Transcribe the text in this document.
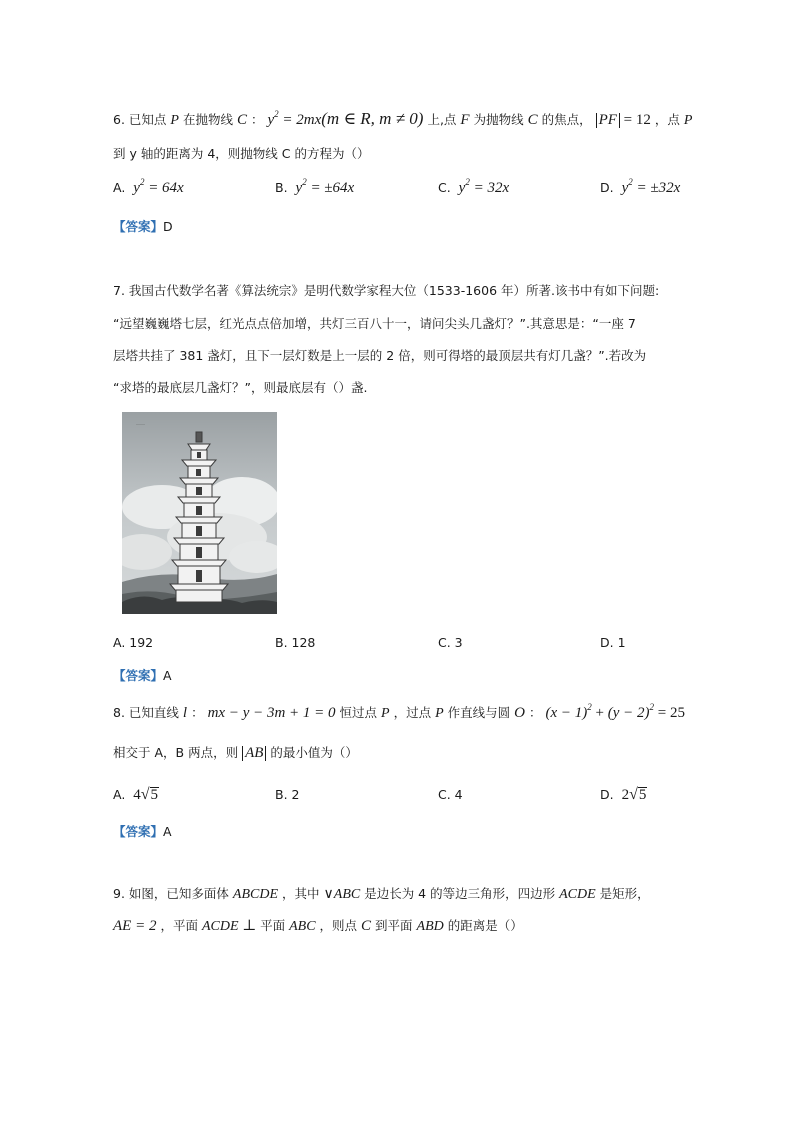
6. 已知点 P 在抛物线 C ： $y^2 = 2mx(m$ ∈ R, m ≠ 0) 上,点 F 为抛物线 C 的焦点， PF = 12 ，点 P
到 y 轴的距离为 4，则抛物线 C 的方程为（）
A. $y^2 = 64x$	B. $y^2 = \pm 64x$	C. $y^2 = 32x$	D. $y^2 = \pm 32x$
【答案】D
7. 我国古代数学名著《算法统宗》是明代数学家程大位（1533-1606 年）所著.该书中有如下问题:
“远望巍巍塔七层，红光点点倍加增，共灯三百八十一，请问尖头几盏灯？”.其意思是：“一座 7
层塔共挂了 381 盏灯，且下一层灯数是上一层的 2 倍，则可得塔的最顶层共有灯几盏？”.若改为
“求塔的最底层几盏灯？”，则最底层有（）盏.
A. 192	B. 128	C. 3	D. 1
【答案】A
8. 已知直线 l ： mx − y − 3m + 1 = 0 恒过点 P ，过点 P 作直线与圆 O ： $(x - 1)^2 + (y - 2)^2 = 25$
相交于 A，B 两点，则 AB 的最小值为（）
A. 4√5	B. 2	C. 4	D. 2√5
【答案】A
9. 如图，已知多面体 ABCDE ，其中 ∨ABC 是边长为 4 的等边三角形，四边形 ACDE 是矩形，
AE = 2 ，平面 ACDE ⊥ 平面 ABC ，则点 C 到平面 ABD 的距离是（）
